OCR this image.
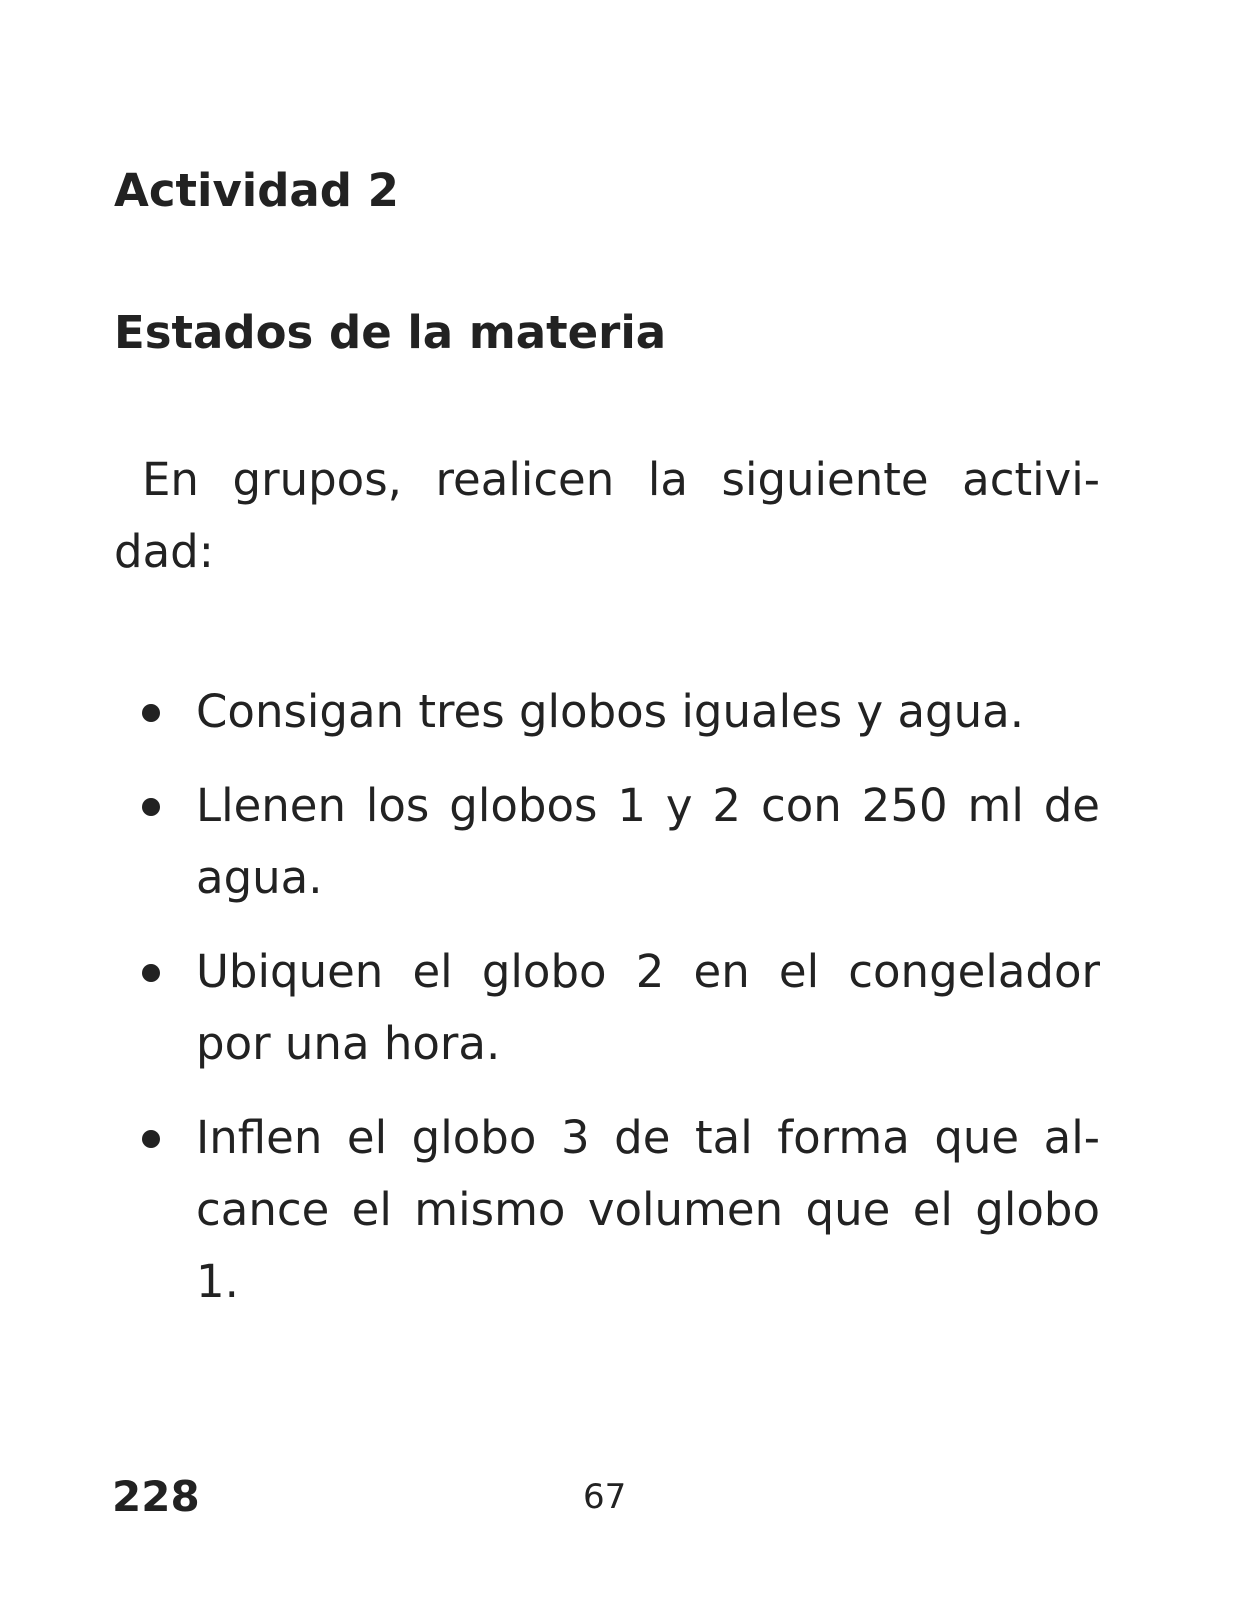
Actividad 2
Estados de la materia

En grupos, realicen la siguiente activi-
dad:

Consigan tres globos iguales y agua.
Llenen los globos 1 y 2 con 250 ml de
agua.
Ubiquen el globo 2 en el congelador
por una hora.
Inflen el globo 3 de tal forma que al-
cance el mismo volumen que el globo
1.
228	67
